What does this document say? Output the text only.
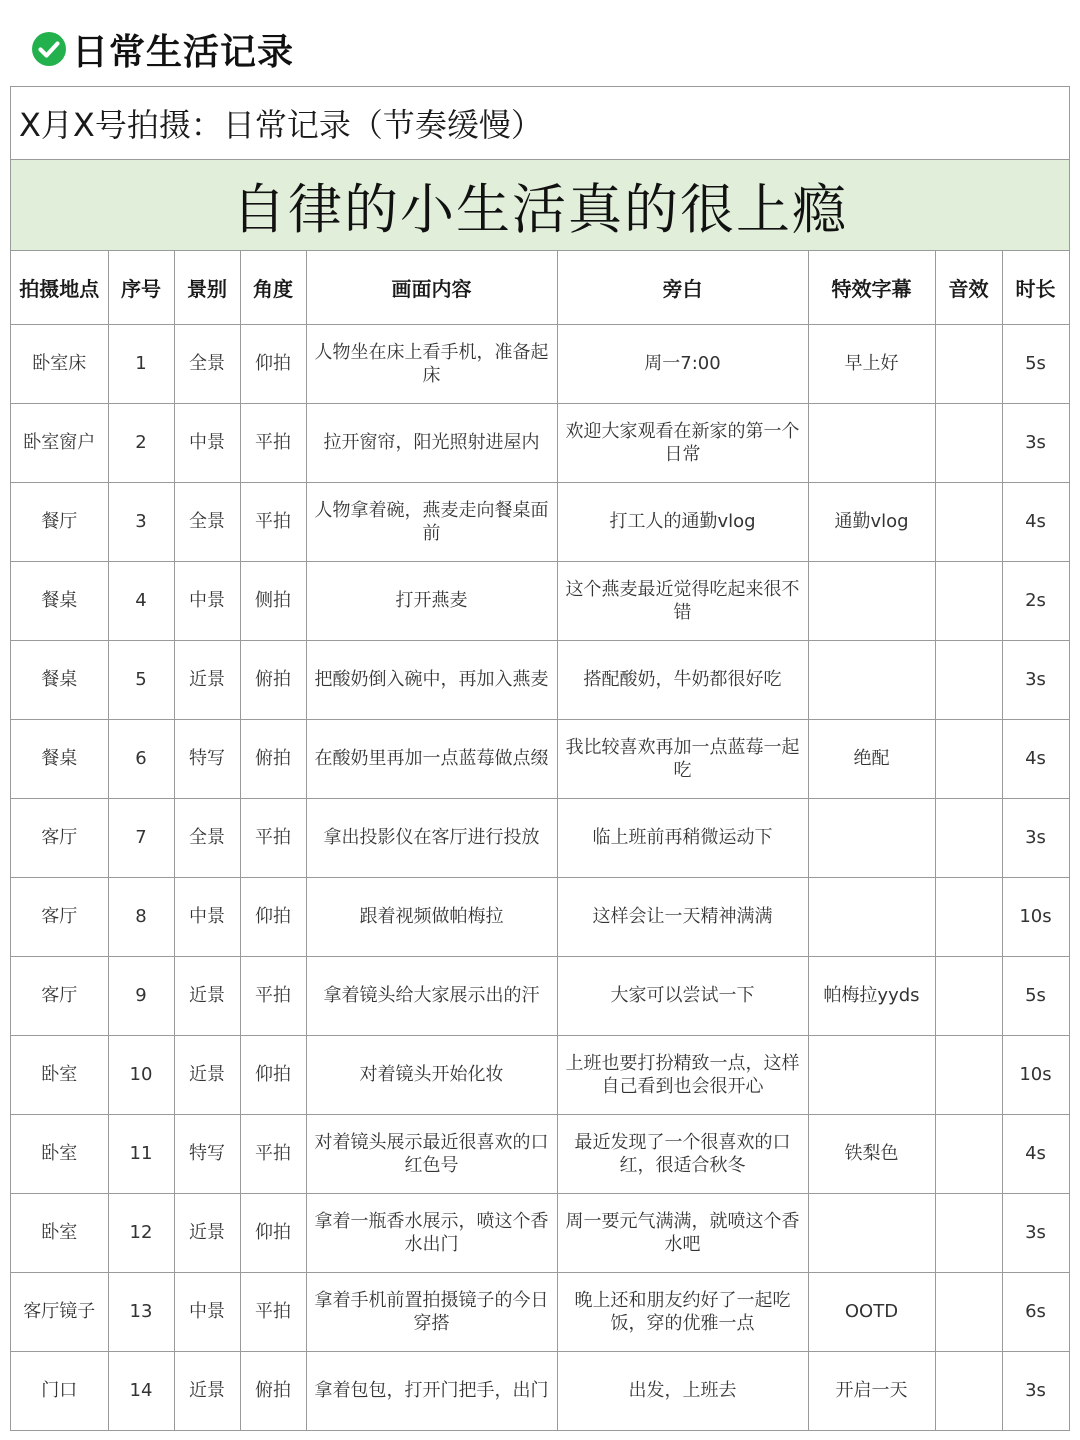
日常生活记录
X月X号拍摄：日常记录（节奏缓慢）
自律的小生活真的很上瘾
拍摄地点	序号	景别	角度	画面内容	旁白	特效字幕	音效	时长
卧室床	1	全景	仰拍	人物坐在床上看手机，准备起床	周一7:00	早上好		5s
卧室窗户	2	中景	平拍	拉开窗帘，阳光照射进屋内	欢迎大家观看在新家的第一个日常			3s
餐厅	3	全景	平拍	人物拿着碗，燕麦走向餐桌面前	打工人的通勤vlog	通勤vlog		4s
餐桌	4	中景	侧拍	打开燕麦	这个燕麦最近觉得吃起来很不错			2s
餐桌	5	近景	俯拍	把酸奶倒入碗中，再加入燕麦	搭配酸奶，牛奶都很好吃			3s
餐桌	6	特写	俯拍	在酸奶里再加一点蓝莓做点缀	我比较喜欢再加一点蓝莓一起吃	绝配		4s
客厅	7	全景	平拍	拿出投影仪在客厅进行投放	临上班前再稍微运动下			3s
客厅	8	中景	仰拍	跟着视频做帕梅拉	这样会让一天精神满满			10s
客厅	9	近景	平拍	拿着镜头给大家展示出的汗	大家可以尝试一下	帕梅拉yyds		5s
卧室	10	近景	仰拍	对着镜头开始化妆	上班也要打扮精致一点，这样自己看到也会很开心			10s
卧室	11	特写	平拍	对着镜头展示最近很喜欢的口红色号	最近发现了一个很喜欢的口红，很适合秋冬	铁梨色		4s
卧室	12	近景	仰拍	拿着一瓶香水展示，喷这个香水出门	周一要元气满满，就喷这个香水吧			3s
客厅镜子	13	中景	平拍	拿着手机前置拍摄镜子的今日穿搭	晚上还和朋友约好了一起吃饭，穿的优雅一点	OOTD		6s
门口	14	近景	俯拍	拿着包包，打开门把手，出门	出发，上班去	开启一天		3s
